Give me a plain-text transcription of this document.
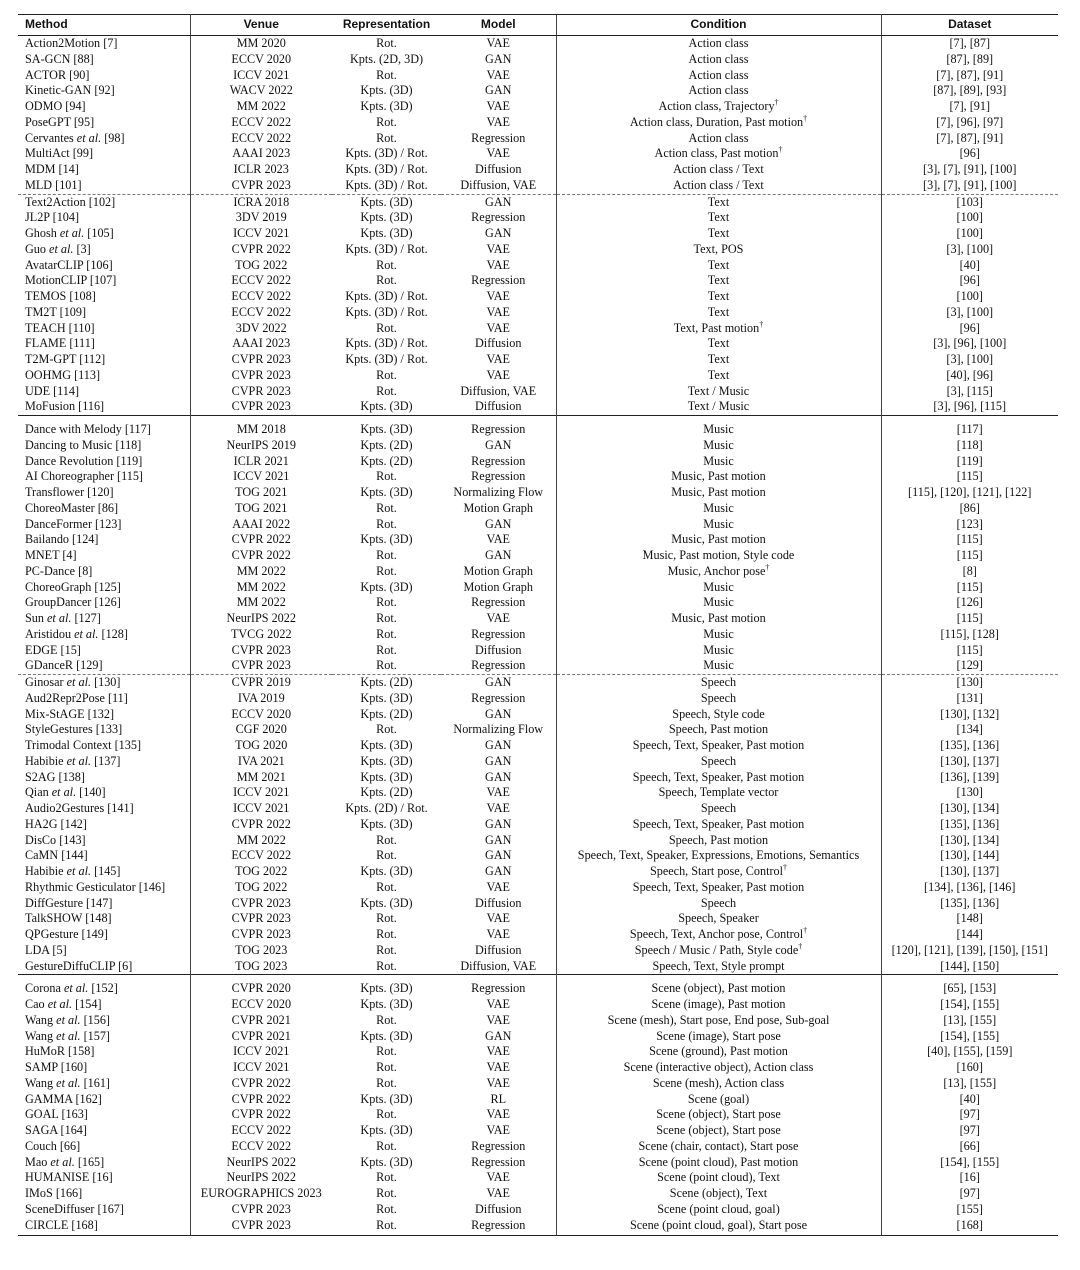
Method	Venue	Representation	Model	Condition	Dataset
Action2Motion [7]	MM 2020	Rot.	VAE	Action class	[7], [87]
SA-GCN [88]	ECCV 2020	Kpts. (2D, 3D)	GAN	Action class	[87], [89]
ACTOR [90]	ICCV 2021	Rot.	VAE	Action class	[7], [87], [91]
Kinetic-GAN [92]	WACV 2022	Kpts. (3D)	GAN	Action class	[87], [89], [93]
ODMO [94]	MM 2022	Kpts. (3D)	VAE	Action class, Trajectory†	[7], [91]
PoseGPT [95]	ECCV 2022	Rot.	VAE	Action class, Duration, Past motion†	[7], [96], [97]
Cervantes et al. [98]	ECCV 2022	Rot.	Regression	Action class	[7], [87], [91]
MultiAct [99]	AAAI 2023	Kpts. (3D) / Rot.	VAE	Action class, Past motion†	[96]
MDM [14]	ICLR 2023	Kpts. (3D) / Rot.	Diffusion	Action class / Text	[3], [7], [91], [100]
MLD [101]	CVPR 2023	Kpts. (3D) / Rot.	Diffusion, VAE	Action class / Text	[3], [7], [91], [100]
Text2Action [102]	ICRA 2018	Kpts. (3D)	GAN	Text	[103]
JL2P [104]	3DV 2019	Kpts. (3D)	Regression	Text	[100]
Ghosh et al. [105]	ICCV 2021	Kpts. (3D)	GAN	Text	[100]
Guo et al. [3]	CVPR 2022	Kpts. (3D) / Rot.	VAE	Text, POS	[3], [100]
AvatarCLIP [106]	TOG 2022	Rot.	VAE	Text	[40]
MotionCLIP [107]	ECCV 2022	Rot.	Regression	Text	[96]
TEMOS [108]	ECCV 2022	Kpts. (3D) / Rot.	VAE	Text	[100]
TM2T [109]	ECCV 2022	Kpts. (3D) / Rot.	VAE	Text	[3], [100]
TEACH [110]	3DV 2022	Rot.	VAE	Text, Past motion†	[96]
FLAME [111]	AAAI 2023	Kpts. (3D) / Rot.	Diffusion	Text	[3], [96], [100]
T2M-GPT [112]	CVPR 2023	Kpts. (3D) / Rot.	VAE	Text	[3], [100]
OOHMG [113]	CVPR 2023	Rot.	VAE	Text	[40], [96]
UDE [114]	CVPR 2023	Rot.	Diffusion, VAE	Text / Music	[3], [115]
MoFusion [116]	CVPR 2023	Kpts. (3D)	Diffusion	Text / Music	[3], [96], [115]
Dance with Melody [117]	MM 2018	Kpts. (3D)	Regression	Music	[117]
Dancing to Music [118]	NeurIPS 2019	Kpts. (2D)	GAN	Music	[118]
Dance Revolution [119]	ICLR 2021	Kpts. (2D)	Regression	Music	[119]
AI Choreographer [115]	ICCV 2021	Rot.	Regression	Music, Past motion	[115]
Transflower [120]	TOG 2021	Kpts. (3D)	Normalizing Flow	Music, Past motion	[115], [120], [121], [122]
ChoreoMaster [86]	TOG 2021	Rot.	Motion Graph	Music	[86]
DanceFormer [123]	AAAI 2022	Rot.	GAN	Music	[123]
Bailando [124]	CVPR 2022	Kpts. (3D)	VAE	Music, Past motion	[115]
MNET [4]	CVPR 2022	Rot.	GAN	Music, Past motion, Style code	[115]
PC-Dance [8]	MM 2022	Rot.	Motion Graph	Music, Anchor pose†	[8]
ChoreoGraph [125]	MM 2022	Kpts. (3D)	Motion Graph	Music	[115]
GroupDancer [126]	MM 2022	Rot.	Regression	Music	[126]
Sun et al. [127]	NeurIPS 2022	Rot.	VAE	Music, Past motion	[115]
Aristidou et al. [128]	TVCG 2022	Rot.	Regression	Music	[115], [128]
EDGE [15]	CVPR 2023	Rot.	Diffusion	Music	[115]
GDanceR [129]	CVPR 2023	Rot.	Regression	Music	[129]
Ginosar et al. [130]	CVPR 2019	Kpts. (2D)	GAN	Speech	[130]
Aud2Repr2Pose [11]	IVA 2019	Kpts. (3D)	Regression	Speech	[131]
Mix-StAGE [132]	ECCV 2020	Kpts. (2D)	GAN	Speech, Style code	[130], [132]
StyleGestures [133]	CGF 2020	Rot.	Normalizing Flow	Speech, Past motion	[134]
Trimodal Context [135]	TOG 2020	Kpts. (3D)	GAN	Speech, Text, Speaker, Past motion	[135], [136]
Habibie et al. [137]	IVA 2021	Kpts. (3D)	GAN	Speech	[130], [137]
S2AG [138]	MM 2021	Kpts. (3D)	GAN	Speech, Text, Speaker, Past motion	[136], [139]
Qian et al. [140]	ICCV 2021	Kpts. (2D)	VAE	Speech, Template vector	[130]
Audio2Gestures [141]	ICCV 2021	Kpts. (2D) / Rot.	VAE	Speech	[130], [134]
HA2G [142]	CVPR 2022	Kpts. (3D)	GAN	Speech, Text, Speaker, Past motion	[135], [136]
DisCo [143]	MM 2022	Rot.	GAN	Speech, Past motion	[130], [134]
CaMN [144]	ECCV 2022	Rot.	GAN	Speech, Text, Speaker, Expressions, Emotions, Semantics	[130], [144]
Habibie et al. [145]	TOG 2022	Kpts. (3D)	GAN	Speech, Start pose, Control†	[130], [137]
Rhythmic Gesticulator [146]	TOG 2022	Rot.	VAE	Speech, Text, Speaker, Past motion	[134], [136], [146]
DiffGesture [147]	CVPR 2023	Kpts. (3D)	Diffusion	Speech	[135], [136]
TalkSHOW [148]	CVPR 2023	Rot.	VAE	Speech, Speaker	[148]
QPGesture [149]	CVPR 2023	Rot.	VAE	Speech, Text, Anchor pose, Control†	[144]
LDA [5]	TOG 2023	Rot.	Diffusion	Speech / Music / Path, Style code†	[120], [121], [139], [150], [151]
GestureDiffuCLIP [6]	TOG 2023	Rot.	Diffusion, VAE	Speech, Text, Style prompt	[144], [150]
Corona et al. [152]	CVPR 2020	Kpts. (3D)	Regression	Scene (object), Past motion	[65], [153]
Cao et al. [154]	ECCV 2020	Kpts. (3D)	VAE	Scene (image), Past motion	[154], [155]
Wang et al. [156]	CVPR 2021	Rot.	VAE	Scene (mesh), Start pose, End pose, Sub-goal	[13], [155]
Wang et al. [157]	CVPR 2021	Kpts. (3D)	GAN	Scene (image), Start pose	[154], [155]
HuMoR [158]	ICCV 2021	Rot.	VAE	Scene (ground), Past motion	[40], [155], [159]
SAMP [160]	ICCV 2021	Rot.	VAE	Scene (interactive object), Action class	[160]
Wang et al. [161]	CVPR 2022	Rot.	VAE	Scene (mesh), Action class	[13], [155]
GAMMA [162]	CVPR 2022	Kpts. (3D)	RL	Scene (goal)	[40]
GOAL [163]	CVPR 2022	Rot.	VAE	Scene (object), Start pose	[97]
SAGA [164]	ECCV 2022	Kpts. (3D)	VAE	Scene (object), Start pose	[97]
Couch [66]	ECCV 2022	Rot.	Regression	Scene (chair, contact), Start pose	[66]
Mao et al. [165]	NeurIPS 2022	Kpts. (3D)	Regression	Scene (point cloud), Past motion	[154], [155]
HUMANISE [16]	NeurIPS 2022	Rot.	VAE	Scene (point cloud), Text	[16]
IMoS [166]	EUROGRAPHICS 2023	Rot.	VAE	Scene (object), Text	[97]
SceneDiffuser [167]	CVPR 2023	Rot.	Diffusion	Scene (point cloud, goal)	[155]
CIRCLE [168]	CVPR 2023	Rot.	Regression	Scene (point cloud, goal), Start pose	[168]
